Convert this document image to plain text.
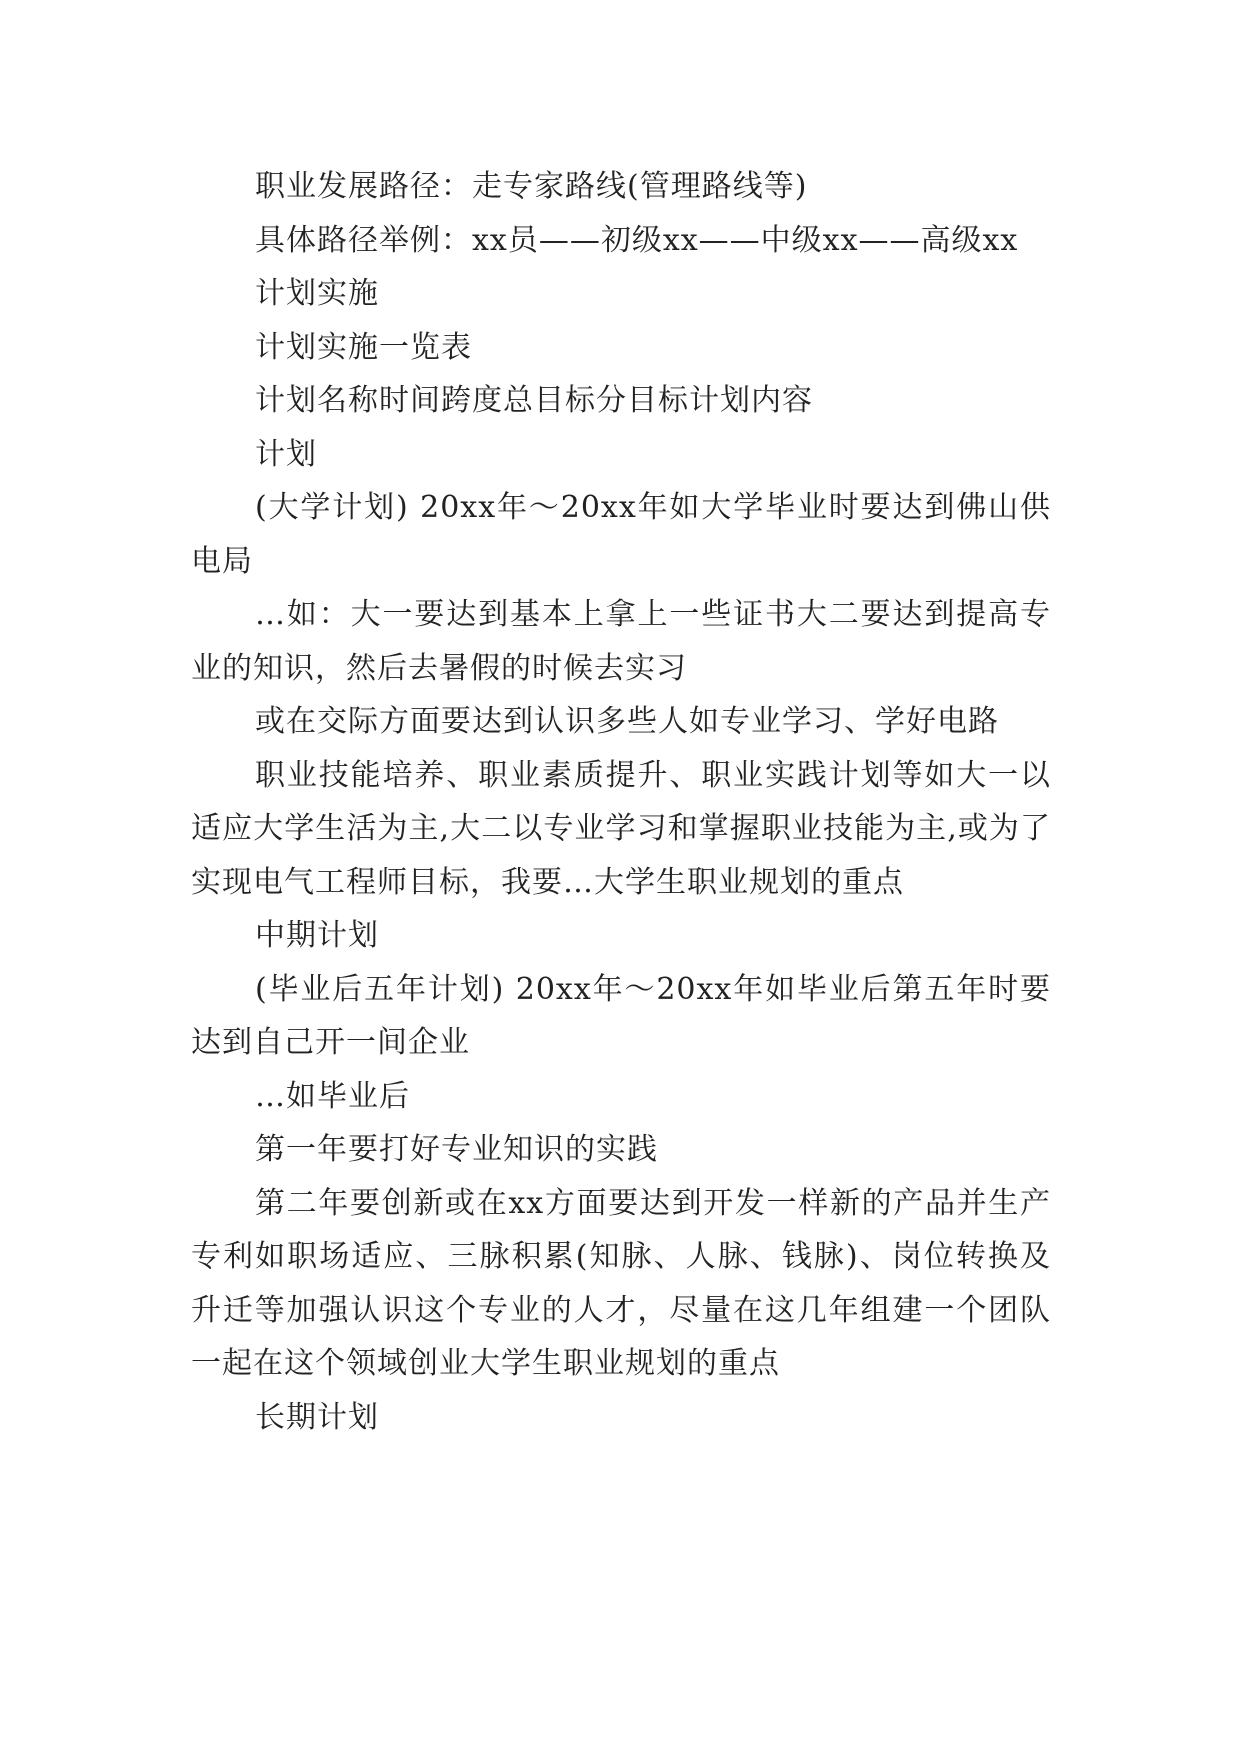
职业发展路径：走专家路线(管理路线等)

具体路径举例：xx员——初级xx——中级xx——高级xx

计划实施

计划实施一览表

计划名称时间跨度总目标分目标计划内容

计划

(大学计划) 20xx年～20xx年如大学毕业时要达到佛山供电局

…如：大一要达到基本上拿上一些证书大二要达到提高专业的知识，然后去暑假的时候去实习

或在交际方面要达到认识多些人如专业学习、学好电路

职业技能培养、职业素质提升、职业实践计划等如大一以适应大学生活为主,大二以专业学习和掌握职业技能为主,或为了实现电气工程师目标，我要…大学生职业规划的重点

中期计划

(毕业后五年计划) 20xx年～20xx年如毕业后第五年时要达到自己开一间企业

…如毕业后

第一年要打好专业知识的实践

第二年要创新或在xx方面要达到开发一样新的产品并生产专利如职场适应、三脉积累(知脉、人脉、钱脉)、岗位转换及升迁等加强认识这个专业的人才，尽量在这几年组建一个团队一起在这个领域创业大学生职业规划的重点

长期计划
